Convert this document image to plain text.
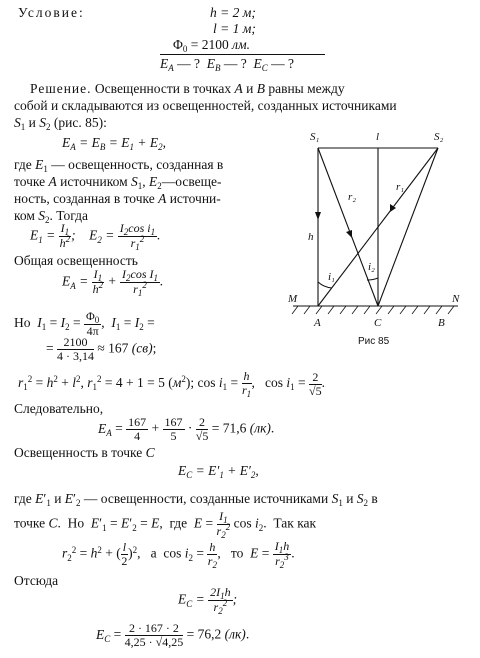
Условие:	h = 2 м;
l = 1 м;
$\Phi_0 = 2100$ лм.
$E_A$ — ?  $E_B$ — ?  $E_C$ — ?
Решение. Освещенности в точках A и B равны между
собой и складываются из освещенностей, созданных источниками
$S_1$ и $S_2$ (рис. 85):
$E_A = E_B = E_1 + E_2$,
где $E_1$ — освещенность, созданная в
точке A источником $S_1$, $E_2—освеще-$
ность, созданная в точке A источни-
ком $S_2$. Тогда
$E_1 = \frac{I_1}{h^2}$ ;    $E_2 = \frac{I_2\cos i_1}{r_1^2}$ .
Общая освещенность
$E_A = \frac{I_1}{h^2} + \frac{I_2\cos I_1}{r_1^2}$ .
Но  $I_1 = I_2 = \frac{\Phi_0}{4\pi}$ ,  $I_1 = I_2$ =
= $\frac{2100}{4 \cdot 3,14} \approx 167$ (св);
$r_1^2 = h^2 + l^2$, $r_1^2 = 4 + 1 = 5$ $(м^2)$; $\cos i_1 = \frac{h}{r_1}$ ,   $\cos i_1 = \frac{2}{√5}$ .
Следовательно,
$E_A = \frac{167}{4} + \frac{167}{5} \cdot \frac{2}{√5} = 71,6$ (лк).
Освещенность в точке C
$E_C = E'_1 + E'_2$,
где $E'_1$ и $E'_2$ — освещенности, созданные источниками $S_1$ и $S_2$ в
точке C.  Но  $E'_1 = E'_2 = E$,  где  $E = \frac{I_1}{r_2^2}$ $\cos i_2$.  Так как
$r_2^2 = h^2$ + ( $\frac{l}{2} )^2$,   а  $\cos i_2 = \frac{h}{r_2}$ ,   то  $E = \frac{I_1h}{r_2^3}$ .
Отсюда
$E_C = \frac{2I_1h}{r_2^2}$ ;
$E_C = \frac{2 \cdot 167 \cdot 2}{4,25 \cdot √4,25} = 76,2$ (лк).
S₁	S₂
l
h
r₁
r₂
i₁
i₂
M	N
A	C	B
Рис 85
